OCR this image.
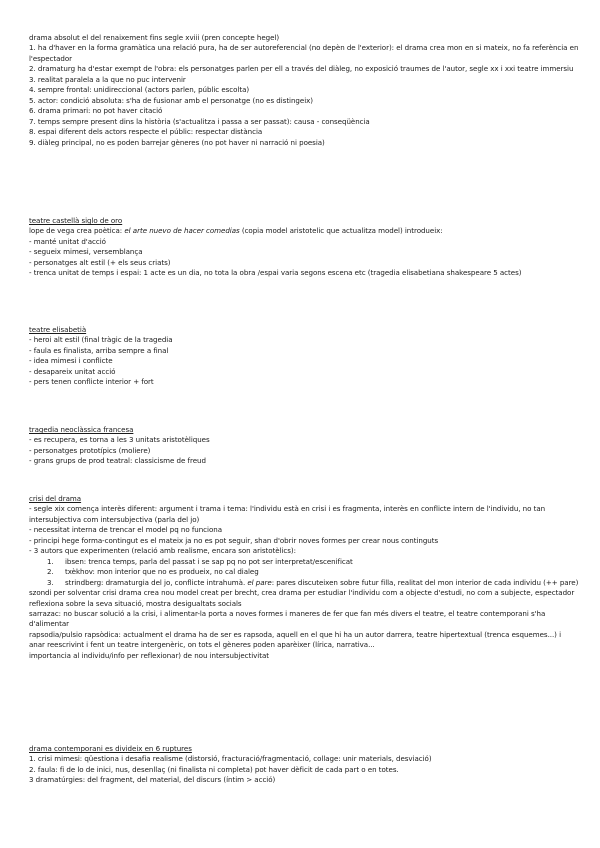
drama absolut el del renaixement fins segle xviii (pren concepte hegel)
1. ha d'haver en la forma gramàtica una relació pura, ha de ser autoreferencial (no depèn de l'exterior): el drama crea mon en si mateix, no fa referència en l'espectador
2. dramaturg ha d'estar exempt de l'obra: els personatges parlen per ell a través del diàleg, no exposició traumes de l'autor, segle xx i xxi teatre immersiu
3. realitat paralela a la que no puc intervenir
4. sempre frontal: unidireccional (actors parlen, públic escolta)
5. actor: condició absoluta: s'ha de fusionar amb el personatge (no es distingeix)
6. drama primari: no pot haver citació
7. temps sempre present dins la història (s'actualitza i passa a ser passat): causa - conseqüència
8. espai diferent dels actors respecte el públic: respectar distància
9. diàleg principal, no es poden barrejar gèneres (no pot haver ni narració ni poesia)
teatre castellà siglo de oro
lope de vega crea poètica: el arte nuevo de hacer comedias (copia model aristotelic que actualitza model) introdueix:
- manté unitat d'acció
- segueix mimesi, versemblança
- personatges alt estil (+ els seus criats)
- trenca unitat de temps i espai: 1 acte es un dia, no tota la obra /espai varia segons escena etc (tragedia elisabetiana shakespeare 5 actes)
teatre elisabetià
- heroi alt estil (final tràgic de la tragedia
- faula es finalista, arriba sempre a final
- idea mimesi i conflicte
- desapareix unitat acció
- pers tenen conflicte interior + fort
tragedia neoclàssica francesa
- es recupera, es torna a les 3 unitats aristotèliques
- personatges prototípics (moliere)
- grans grups de prod teatral: classicisme de freud
crisi del drama
- segle xix comença interès diferent: argument i trama i tema: l'individu està en crisi i es fragmenta, interès en conflicte intern de l'individu, no tan intersubjectiva com intersubjectiva (parla del jo)
- necessitat interna de trencar el model pq no funciona
- principi hege forma-contingut es el mateix ja no es pot seguir, shan d'obrir noves formes per crear nous continguts
- 3 autors que experimenten (relació amb realisme, encara son aristotèlics):
1. ibsen: trenca temps, parla del passat i se sap pq no pot ser interpretat/escenificat
2. txèkhov: mon interior que no es produeix, no cal dialeg
3. strindberg: dramaturgia del jo, conflicte intrahumà. el pare: pares discuteixen sobre futur filla, realitat del mon interior de cada individu (++ pare)
szondi per solventar crisi drama crea nou model creat per brecht, crea drama per estudiar l'individu com a objecte d'estudi, no com a subjecte, espectador reflexiona sobre la seva situació, mostra desigualtats socials
sarrazac: no buscar solució a la crisi, i alimentar-la porta a noves formes i maneres de fer que fan més divers el teatre, el teatre contemporani s'ha d'alimentar
rapsodia/pulsio rapsòdica: actualment el drama ha de ser es rapsoda, aquell en el que hi ha un autor darrera, teatre hipertextual (trenca esquemes...) i anar reescrivint i fent un teatre intergenèric, on tots el gèneres poden aparèixer (lírica, narrativa...
importancia al individu/info per reflexionar) de nou intersubjectivitat
drama contemporani es divideix en 6 ruptures
1. crisi mimesi: qüestiona i desafia realisme (distorsió, fracturació/fragmentació, collage: unir materials, desviació)
2. faula: fi de lo de inici, nus, desenllaç (ni finalista ni completa) pot haver dèficit de cada part o en totes.
3 dramatúrgies: del fragment, del material, del discurs (íntim > acció)
